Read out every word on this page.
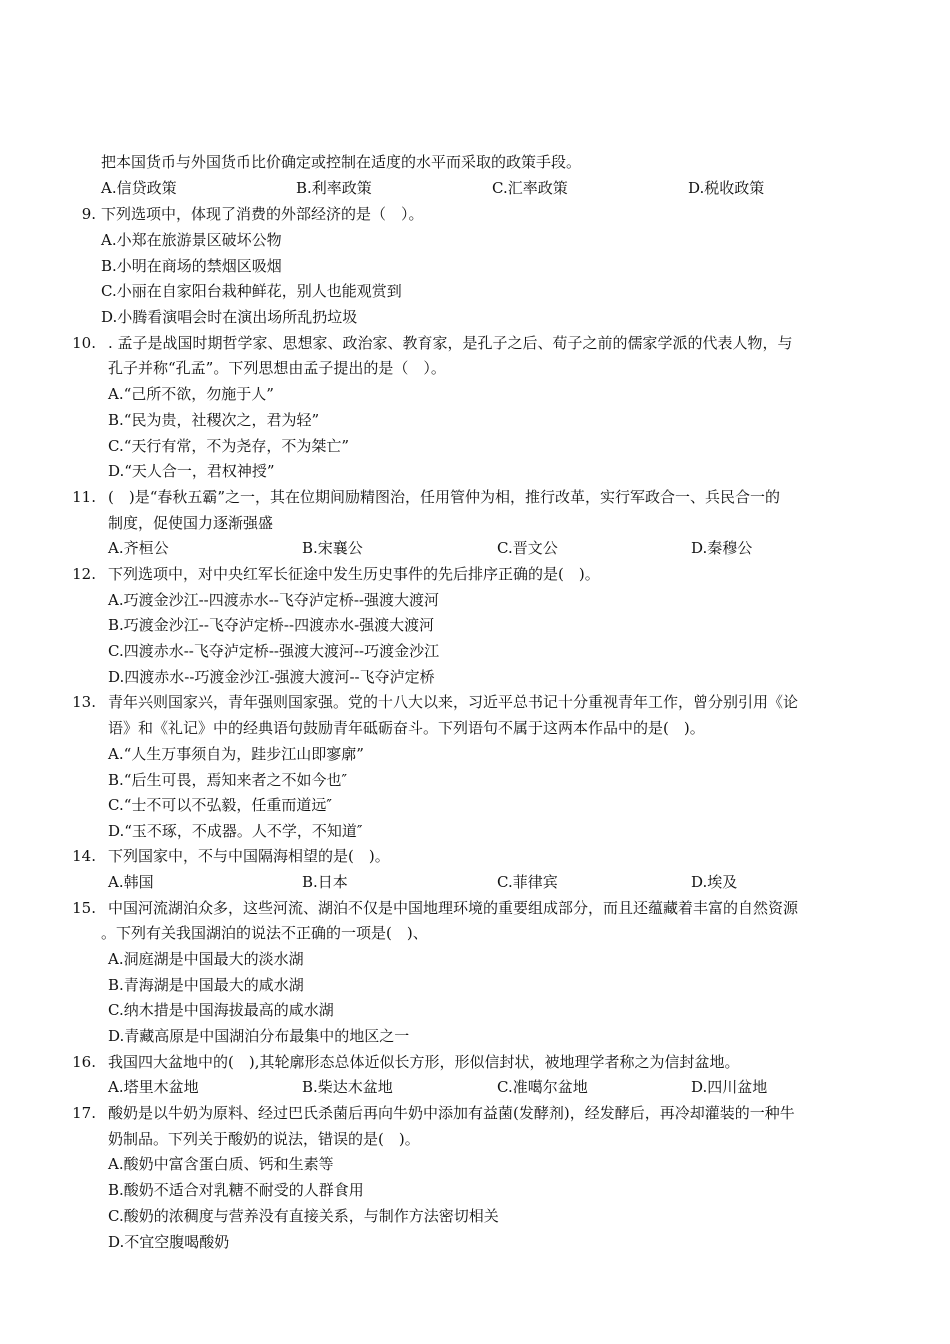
把本国货币与外国货币比价确定或控制在适度的水平而采取的政策手段。
A.信贷政策	B.利率政策	C.汇率政策	D.税收政策
9. 下列选项中，体现了消费的外部经济的是（　）。
A.小郑在旅游景区破坏公物
B.小明在商场的禁烟区吸烟
C.小丽在自家阳台栽种鲜花，别人也能观赏到
D.小腾看演唱会时在演出场所乱扔垃圾
10. . 孟子是战国时期哲学家、思想家、政治家、教育家，是孔子之后、荀子之前的儒家学派的代表人物，与
孔子并称“孔孟”。下列思想由孟子提出的是（　）。
A.“己所不欲，勿施于人”
B.“民为贵，社稷次之，君为轻”
C.“天行有常，不为尧存，不为桀亡”
D.“天人合一，君权神授”
11. (　)是“春秋五霸”之一，其在位期间励精图治，任用管仲为相，推行改革，实行军政合一、兵民合一的
制度，促使国力逐渐强盛
A.齐桓公	B.宋襄公	C.晋文公	D.秦穆公
12. 下列选项中，对中央红军长征途中发生历史事件的先后排序正确的是(　)。
A.巧渡金沙江--四渡赤水--飞夺泸定桥--强渡大渡河
B.巧渡金沙江--飞夺泸定桥--四渡赤水-强渡大渡河
C.四渡赤水--飞夺泸定桥--强渡大渡河--巧渡金沙江
D.四渡赤水--巧渡金沙江-强渡大渡河--飞夺泸定桥
13. 青年兴则国家兴，青年强则国家强。党的十八大以来，习近平总书记十分重视青年工作，曾分别引用《论
语》和《礼记》中的经典语句鼓励青年砥砺奋斗。下列语句不属于这两本作品中的是(　)。
A.“人生万事须自为，跬步江山即寥廓”
B.“后生可畏，焉知来者之不如今也″
C.“士不可以不弘毅，任重而道远″
D.“玉不琢，不成器。人不学，不知道″
14. 下列国家中，不与中国隔海相望的是(　)。
A.韩国	B.日本	C.菲律宾	D.埃及
15. 中国河流湖泊众多，这些河流、湖泊不仅是中国地理环境的重要组成部分，而且还蕴藏着丰富的自然资源
。下列有关我国湖泊的说法不正确的一项是(　)、
A.洞庭湖是中国最大的淡水湖
B.青海湖是中国最大的咸水湖
C.纳木措是中国海拔最高的咸水湖
D.青藏高原是中国湖泊分布最集中的地区之一
16. 我国四大盆地中的(　),其轮廓形态总体近似长方形，形似信封状，被地理学者称之为信封盆地。
A.塔里木盆地	B.柴达木盆地	C.准噶尔盆地	D.四川盆地
17. 酸奶是以牛奶为原料、经过巴氏杀菌后再向牛奶中添加有益菌(发酵剂)，经发酵后，再冷却灌装的一种牛
奶制品。下列关于酸奶的说法，错误的是(　)。
A.酸奶中富含蛋白质、钙和生素等
B.酸奶不适合对乳糖不耐受的人群食用
C.酸奶的浓稠度与营养没有直接关系，与制作方法密切相关
D.不宜空腹喝酸奶
